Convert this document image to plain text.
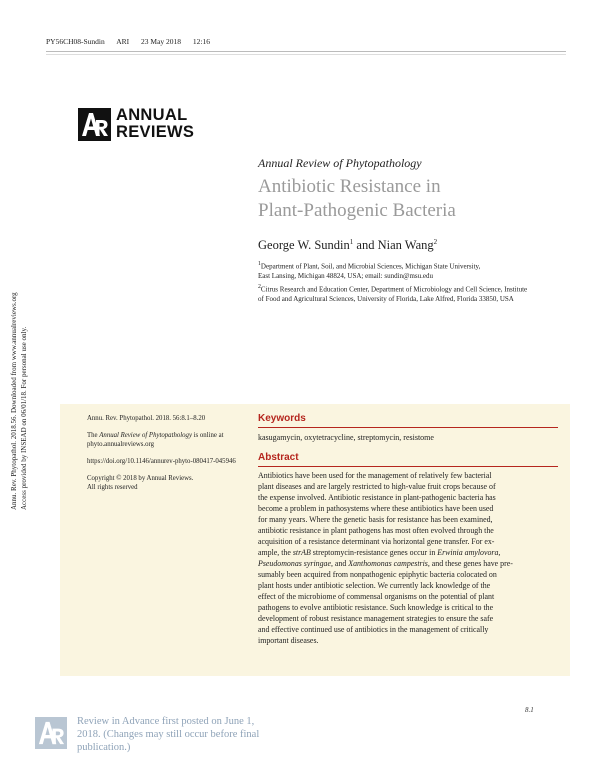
PY56CH08-Sundin ARI 23 May 2018 12:16
ANNUAL
REVIEWS
Annu. Rev. Phytopathol. 2018.56. Downloaded from www.annualreviews.org Access provided by INSEAD on 06/01/18. For personal use only.
Annual Review of Phytopathology
Antibiotic Resistance in
Plant-Pathogenic Bacteria
George W. Sundin$^1$ and Nian Wang$^2$
$^1$Department of Plant, Soil, and Microbial Sciences, Michigan State University,
East Lansing, Michigan 48824, USA; email: sundin@msu.edu
$^2$Citrus Research and Education Center, Department of Microbiology and Cell Science, Institute
of Food and Agricultural Sciences, University of Florida, Lake Alfred, Florida 33850, USA

Annu. Rev. Phytopathol. 2018. 56:8.1–8.20

The Annual Review of Phytopathology is online at phyto.annualreviews.org

https://doi.org/10.1146/annurev-phyto-080417-045946

Copyright © 2018 by Annual Reviews.
All rights reserved

Keywords
kasugamycin, oxytetracycline, streptomycin, resistome
Abstract
Antibiotics have been used for the management of relatively few bacterial
plant diseases and are largely restricted to high-value fruit crops because of
the expense involved. Antibiotic resistance in plant-pathogenic bacteria has
become a problem in pathosystems where these antibiotics have been used
for many years. Where the genetic basis for resistance has been examined,
antibiotic resistance in plant pathogens has most often evolved through the
acquisition of a resistance determinant via horizontal gene transfer. For ex-
ample, the strAB streptomycin-resistance genes occur in Erwinia amylovora,
Pseudomonas syringae, and Xanthomonas campestris, and these genes have pre-
sumably been acquired from nonpathogenic epiphytic bacteria colocated on
plant hosts under antibiotic selection. We currently lack knowledge of the
effect of the microbiome of commensal organisms on the potential of plant
pathogens to evolve antibiotic resistance. Such knowledge is critical to the
development of robust resistance management strategies to ensure the safe
and effective continued use of antibiotics in the management of critically
important diseases.
8.1
Review in Advance first posted on June 1, 2018. (Changes may still occur before final publication.)
